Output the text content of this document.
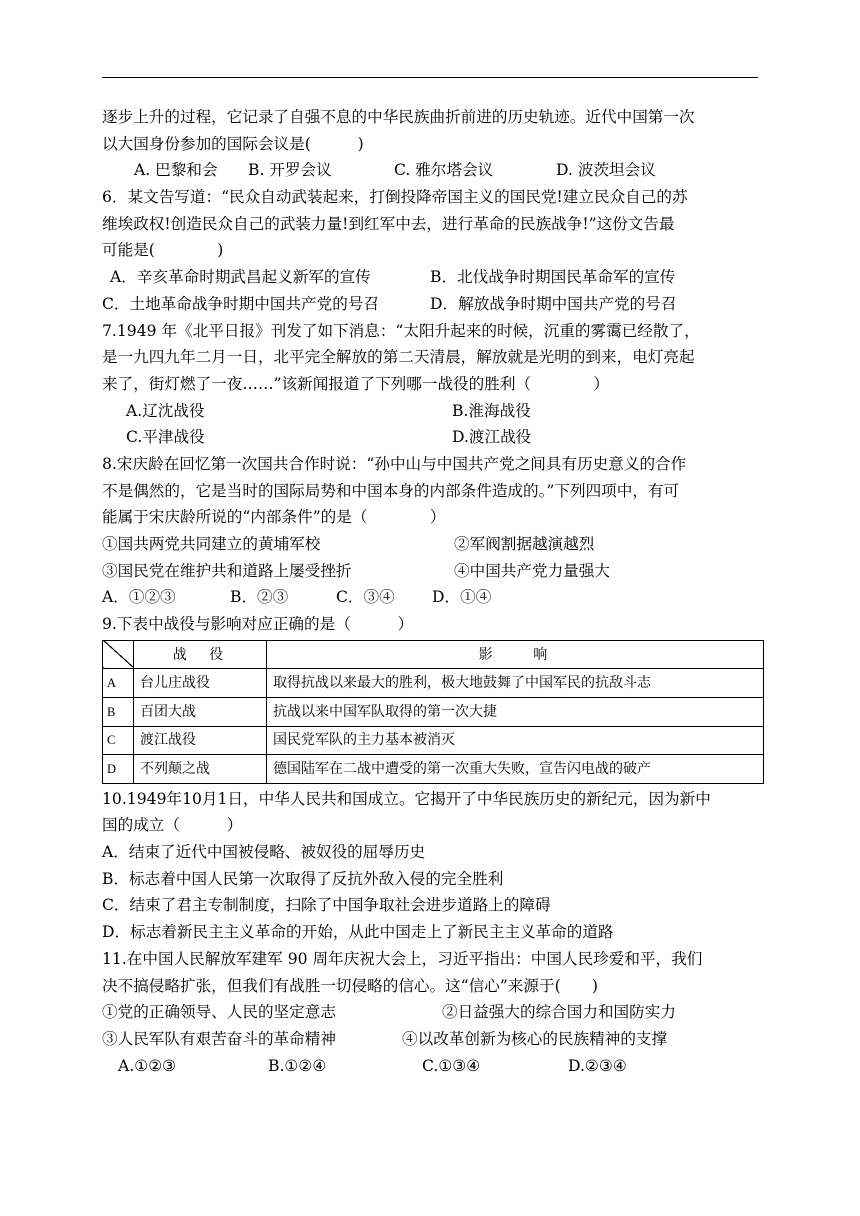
逐步上升的过程，它记录了自强不息的中华民族曲折前进的历史轨迹。近代中国第一次
以大国身份参加的国际会议是(　　　)
A. 巴黎和会	B. 开罗会议	C. 雅尔塔会议	D. 波茨坦会议
6．某文告写道：“民众自动武装起来，打倒投降帝国主义的国民党!建立民众自己的苏
维埃政权!创造民众自己的武装力量!到红军中去，进行革命的民族战争!”这份文告最
可能是(　　　　)
A．辛亥革命时期武昌起义新军的宣传	B．北伐战争时期国民革命军的宣传
C．土地革命战争时期中国共产党的号召	D．解放战争时期中国共产党的号召
7.1949 年《北平日报》刊发了如下消息：“太阳升起来的时候，沉重的雾霭已经散了，
是一九四九年二月一日，北平完全解放的第二天清晨，解放就是光明的到来，电灯亮起
来了，街灯燃了一夜……”该新闻报道了下列哪一战役的胜利（　　　　）
A.辽沈战役	B.淮海战役
C.平津战役	D.渡江战役
8.宋庆龄在回忆第一次国共合作时说：“孙中山与中国共产党之间具有历史意义的合作
不是偶然的，它是当时的国际局势和中国本身的内部条件造成的。”下列四项中，有可
能属于宋庆龄所说的“内部条件”的是（　　　　）
①国共两党共同建立的黄埔军校	②军阀割据越演越烈
③国民党在维护共和道路上屡受挫折	④中国共产党力量强大
A．①②③	B．②③	C．③④	D．①④
9.下表中战役与影响对应正确的是（　　　）
	战　役	影　　响
A	台儿庄战役	取得抗战以来最大的胜利，极大地鼓舞了中国军民的抗敌斗志
B	百团大战	抗战以来中国军队取得的第一次大捷
C	渡江战役	国民党军队的主力基本被消灭
D	不列颠之战	德国陆军在二战中遭受的第一次重大失败，宣告闪电战的破产
10.1949年10月1日，中华人民共和国成立。它揭开了中华民族历史的新纪元，因为新中
国的成立（　　　）
A．结束了近代中国被侵略、被奴役的屈辱历史
B．标志着中国人民第一次取得了反抗外敌入侵的完全胜利
C．结束了君主专制制度，扫除了中国争取社会进步道路上的障碍
D．标志着新民主主义革命的开始，从此中国走上了新民主主义革命的道路
11.在中国人民解放军建军 90 周年庆祝大会上，习近平指出：中国人民珍爱和平，我们
决不搞侵略扩张，但我们有战胜一切侵略的信心。这“信心”来源于(　　)
①党的正确领导、人民的坚定意志	②日益强大的综合国力和国防实力
③人民军队有艰苦奋斗的革命精神	④以改革创新为核心的民族精神的支撑
A.①②③	B.①②④	C.①③④	D.②③④
